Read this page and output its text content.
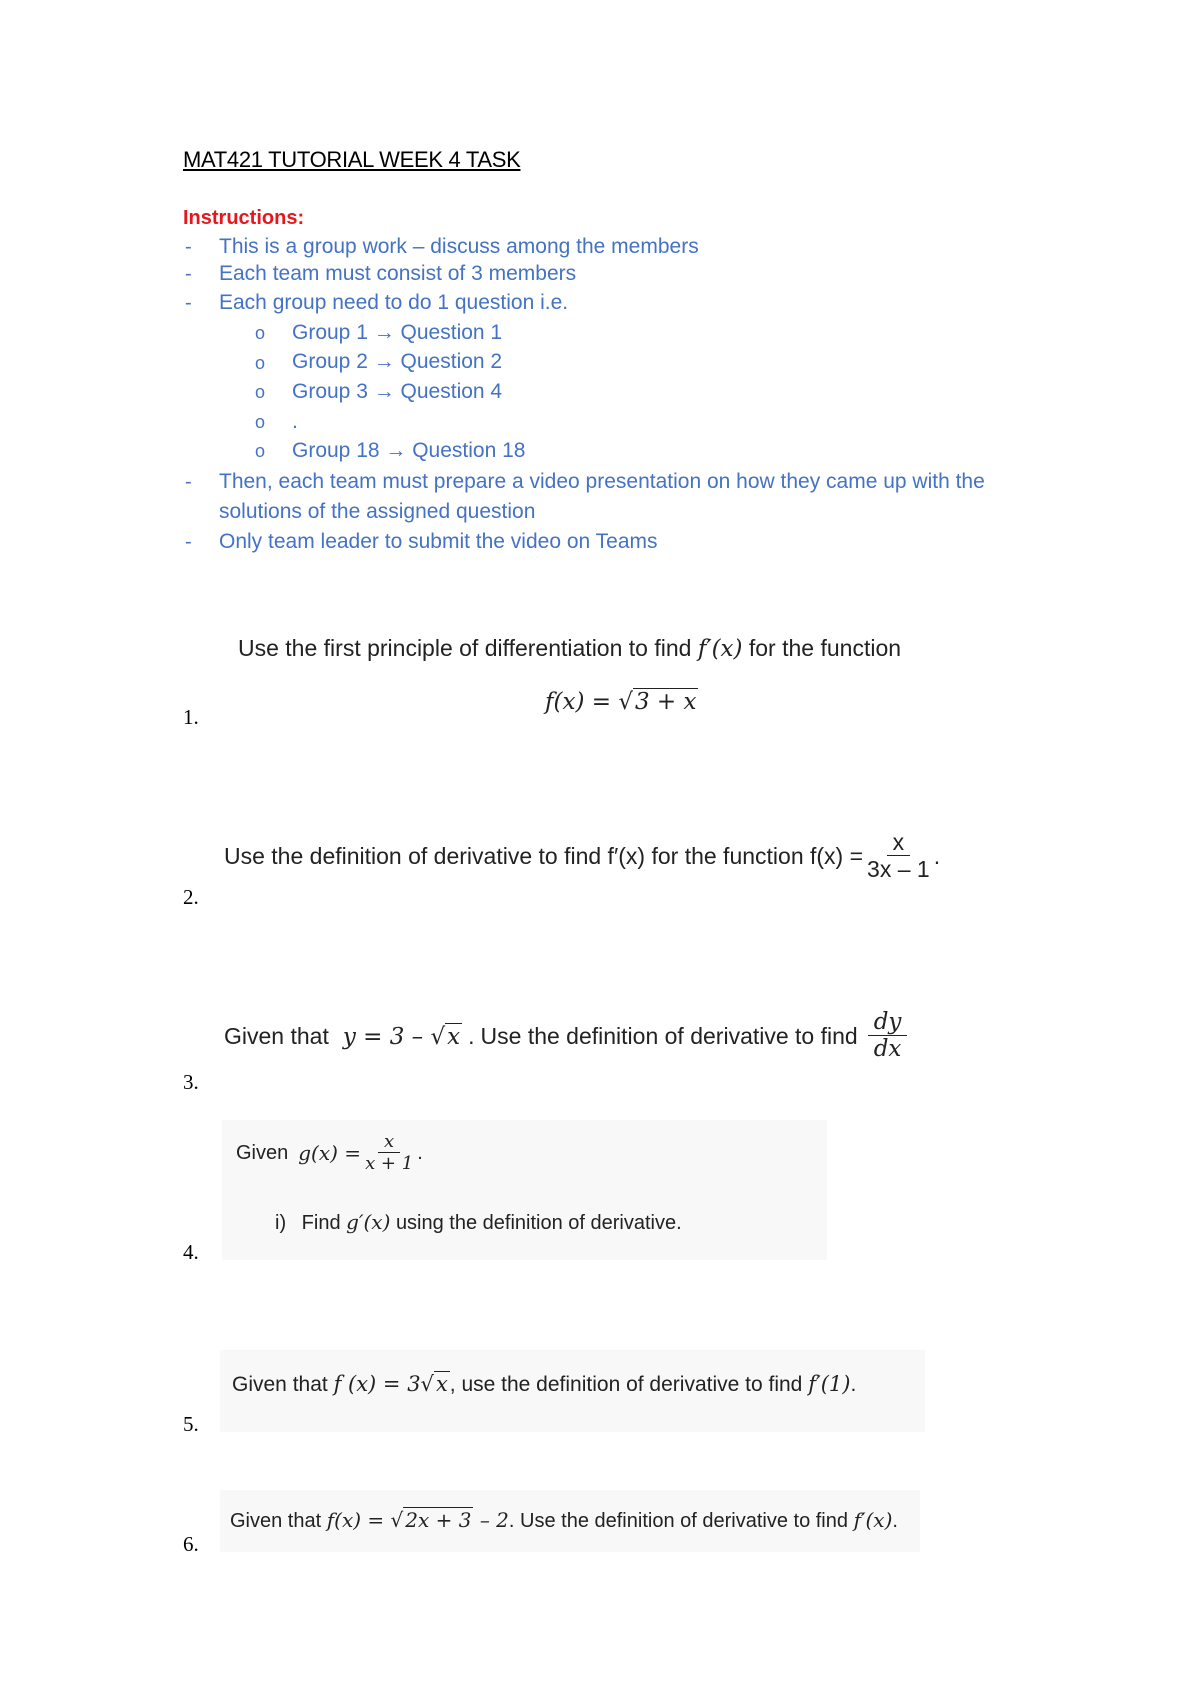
MAT421 TUTORIAL WEEK 4 TASK
Instructions:
- This is a group work – discuss among the members
- Each team must consist of 3 members
- Each group need to do 1 question i.e.
o Group 1 → Question 1
o Group 2 → Question 2
o Group 3 → Question 4
o .
o Group 18 → Question 18
- Then, each team must prepare a video presentation on how they came up with the
solutions of the assigned question
- Only team leader to submit the video on Teams
Use the first principle of differentiation to find f′(x) for the function
f(x) = √3 + x
1.
Use the definition of derivative to find f′(x) for the function $f(x) = \frac{x}{3x - 1}$ .
2.
Given that y = 3 – √x . Use the definition of derivative to find $\frac{dy}{dx}$
3.
Given $g(x) = \frac{x}{x + 1}$ .
i) Find g′(x) using the definition of derivative.
4.
Given that f (x) = 3√x, use the definition of derivative to find f′(1).
5.
Given that f(x) = √ 2x + 3 – 2. Use the definition of derivative to find f′(x).
6.
